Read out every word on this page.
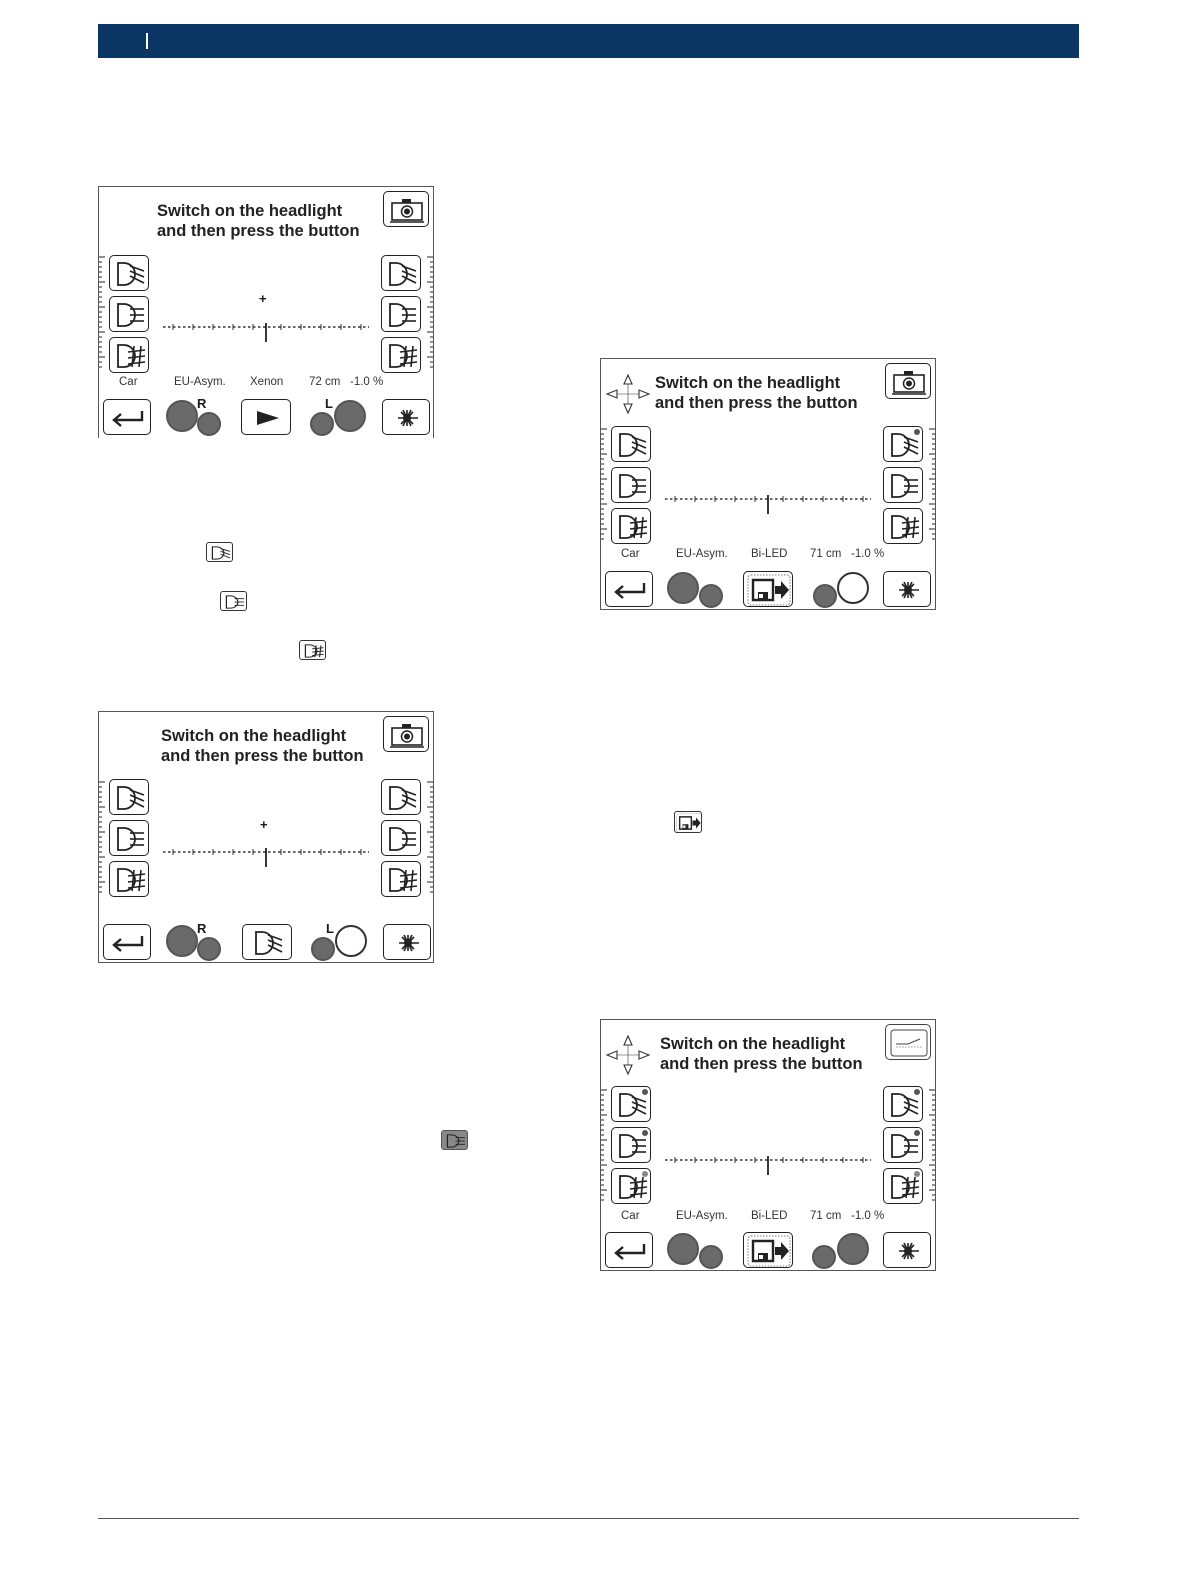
Switch on the headlight
and then press the button
+
Car	EU-Asym. Xenon 72 cm -1.0 %
R	L
Switch on the headlight
and then press the button
+
R	L
Switch on the headlight
and then press the button
Car	EU-Asym. Bi-LED 71 cm -1.0 %
Switch on the headlight
and then press the button
Car	EU-Asym. Bi-LED 71 cm -1.0 %
